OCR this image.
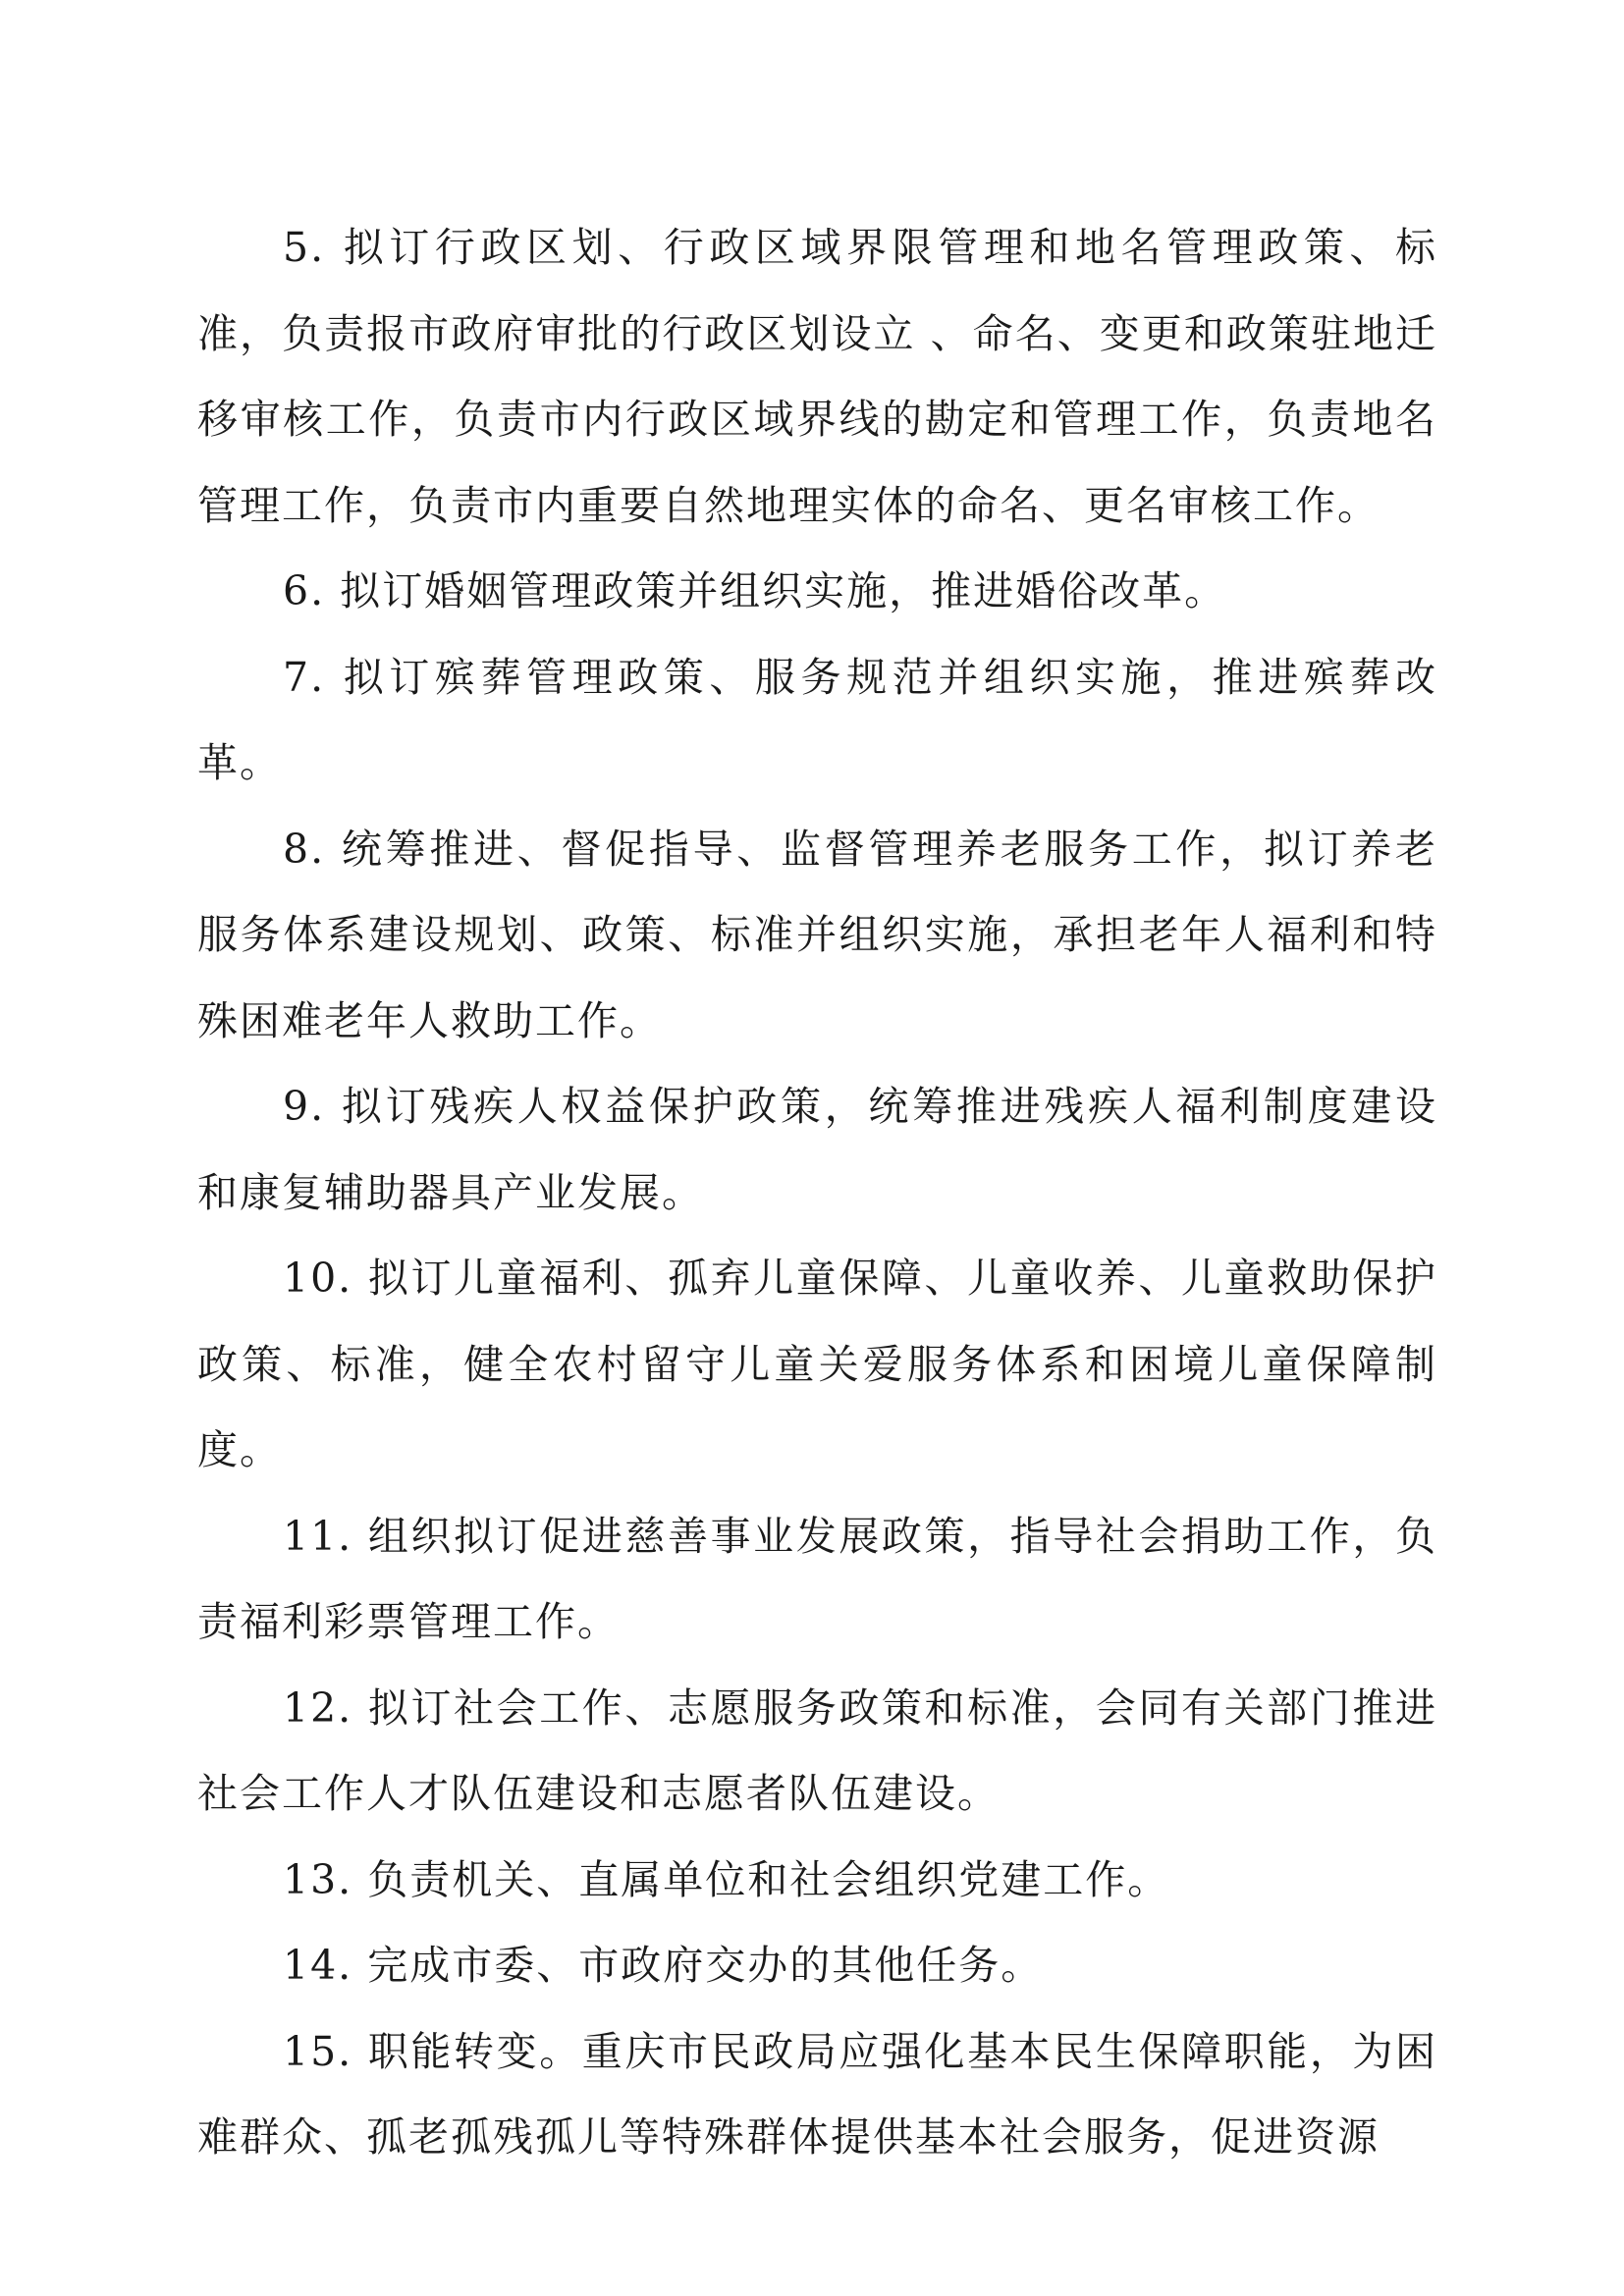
5. 拟订行政区划、行政区域界限管理和地名管理政策、标准，负责报市政府审批的行政区划设立 、命名、变更和政策驻地迁移审核工作，负责市内行政区域界线的勘定和管理工作，负责地名管理工作，负责市内重要自然地理实体的命名、更名审核工作。

6. 拟订婚姻管理政策并组织实施，推进婚俗改革。

7. 拟订殡葬管理政策、服务规范并组织实施，推进殡葬改革。

8. 统筹推进、督促指导、监督管理养老服务工作，拟订养老服务体系建设规划、政策、标准并组织实施，承担老年人福利和特殊困难老年人救助工作。

9. 拟订残疾人权益保护政策，统筹推进残疾人福利制度建设和康复辅助器具产业发展。

10. 拟订儿童福利、孤弃儿童保障、儿童收养、儿童救助保护政策、标准，健全农村留守儿童关爱服务体系和困境儿童保障制度。

11. 组织拟订促进慈善事业发展政策，指导社会捐助工作，负责福利彩票管理工作。

12. 拟订社会工作、志愿服务政策和标准，会同有关部门推进社会工作人才队伍建设和志愿者队伍建设。

13. 负责机关、直属单位和社会组织党建工作。

14. 完成市委、市政府交办的其他任务。

15. 职能转变。重庆市民政局应强化基本民生保障职能，为困难群众、孤老孤残孤儿等特殊群体提供基本社会服务，促进资源
